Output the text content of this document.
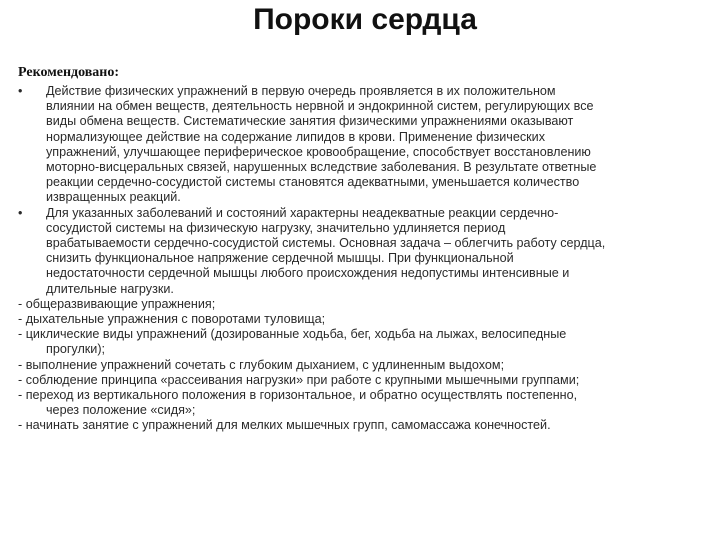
Пороки сердца
Рекомендовано:
•	Действие физических упражнений в первую очередь проявляется в их положительном
влиянии на обмен веществ, деятельность нервной и эндокринной систем, регулирующих все
виды обмена веществ. Систематические занятия физическими упражнениями оказывают
нормализующее действие на содержание липидов в крови. Применение физических
упражнений, улучшающее периферическое кровообращение, способствует восстановлению
моторно-висцеральных связей, нарушенных вследствие заболевания. В результате ответные
реакции сердечно-сосудистой системы становятся адекватными, уменьшается количество
извращенных реакций.
•	Для указанных заболеваний и состояний характерны неадекватные реакции сердечно-
сосудистой системы на физическую нагрузку, значительно удлиняется период
врабатываемости сердечно-сосудистой системы. Основная задача – облегчить работу сердца,
снизить функциональное напряжение сердечной мышцы. При функциональной
недостаточности сердечной мышцы любого происхождения недопустимы интенсивные и
длительные нагрузки.
- общеразвивающие упражнения;
- дыхательные упражнения с поворотами туловища;
- циклические виды упражнений (дозированные ходьба, бег, ходьба на лыжах, велосипедные
прогулки);
- выполнение упражнений сочетать с глубоким дыханием, с удлиненным выдохом;
- соблюдение принципа «рассеивания нагрузки» при работе с крупными мышечными группами;
- переход из вертикального положения в горизонтальное, и обратно осуществлять постепенно,
через положение «сидя»;
- начинать занятие с упражнений для мелких мышечных групп, самомассажа конечностей.
